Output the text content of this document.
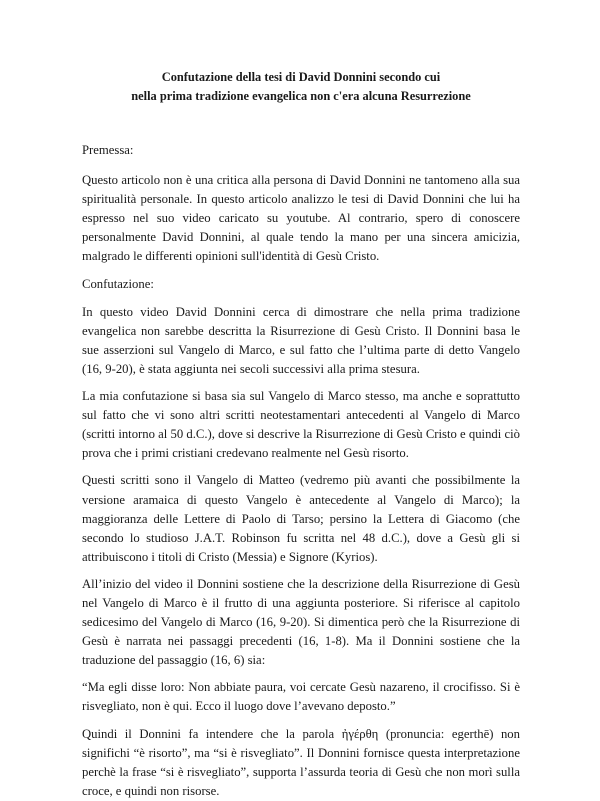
Confutazione della tesi di David Donnini secondo cui
nella prima tradizione evangelica non c'era alcuna Resurrezione

Premessa:

Questo articolo non è una critica alla persona di David Donnini ne tantomeno alla sua spiritualità personale. In questo articolo analizzo le tesi di David Donnini che lui ha espresso nel suo video caricato su youtube. Al contrario, spero di conoscere personalmente David Donnini, al quale tendo la mano per una sincera amicizia, malgrado le differenti opinioni sull'identità di Gesù Cristo.

Confutazione:

In questo video David Donnini cerca di dimostrare che nella prima tradizione evangelica non sarebbe descritta la Risurrezione di Gesù Cristo. Il Donnini basa le sue asserzioni sul Vangelo di Marco, e sul fatto che l’ultima parte di detto Vangelo (16, 9-20), è stata aggiunta nei secoli successivi alla prima stesura.

La mia confutazione si basa sia sul Vangelo di Marco stesso, ma anche e soprattutto sul fatto che vi sono altri scritti neotestamentari antecedenti al Vangelo di Marco (scritti intorno al 50 d.C.), dove si descrive la Risurrezione di Gesù Cristo e quindi ciò prova che i primi cristiani credevano realmente nel Gesù risorto.

Questi scritti sono il Vangelo di Matteo (vedremo più avanti che possibilmente la versione aramaica di questo Vangelo è antecedente al Vangelo di Marco); la maggioranza delle Lettere di Paolo di Tarso; persino la Lettera di Giacomo (che secondo lo studioso J.A.T. Robinson fu scritta nel 48 d.C.), dove a Gesù gli si attribuiscono i titoli di Cristo (Messia) e Signore (Kyrios).

All’inizio del video il Donnini sostiene che la descrizione della Risurrezione di Gesù nel Vangelo di Marco è il frutto di una aggiunta posteriore. Si riferisce al capitolo sedicesimo del Vangelo di Marco (16, 9-20). Si dimentica però che la Risurrezione di Gesù è narrata nei passaggi precedenti (16, 1-8). Ma il Donnini sostiene che la traduzione del passaggio (16, 6) sia:

“Ma egli disse loro: Non abbiate paura, voi cercate Gesù nazareno, il crocifisso. Si è risvegliato, non è qui. Ecco il luogo dove l’avevano deposto.”

Quindi il Donnini fa intendere che la parola ἠγέρθη (pronuncia: egerthē) non significhi “è risorto”, ma “si è risvegliato”. Il Donnini fornisce questa interpretazione perchè la frase “si è risvegliato”, supporta l’assurda teoria di Gesù che non morì sulla croce, e quindi non risorse.
